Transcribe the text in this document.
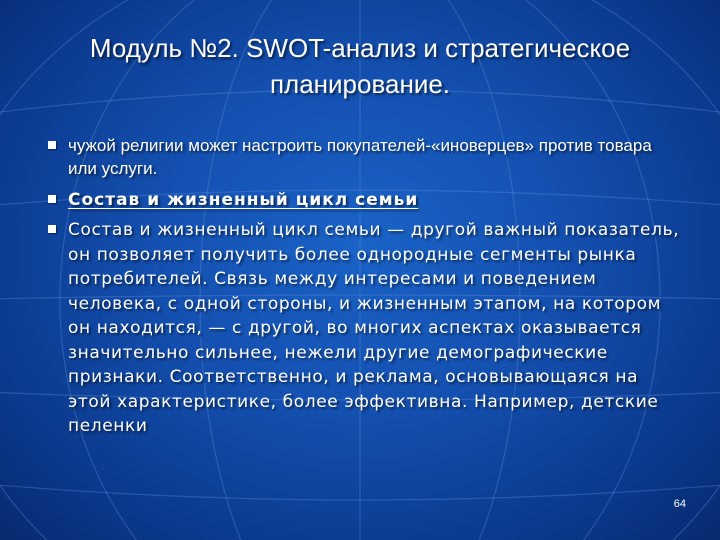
Модуль №2. SWOT-анализ и стратегическое планирование.
чужой религии может настроить покупателей-«иноверцев» против товара или услуги.
Состав и жизненный цикл семьи
Состав и жизненный цикл семьи — другой важный показатель, он позволяет получить более однородные сегменты рынка потребителей. Связь между интересами и поведением человека, с одной стороны, и жизненным этапом, на котором он находится, — с другой, во многих аспектах оказывается значительно сильнее, нежели другие демографические признаки. Соответственно, и реклама, основывающаяся на этой характеристике, более эффективна. Например, детские пеленки
64
